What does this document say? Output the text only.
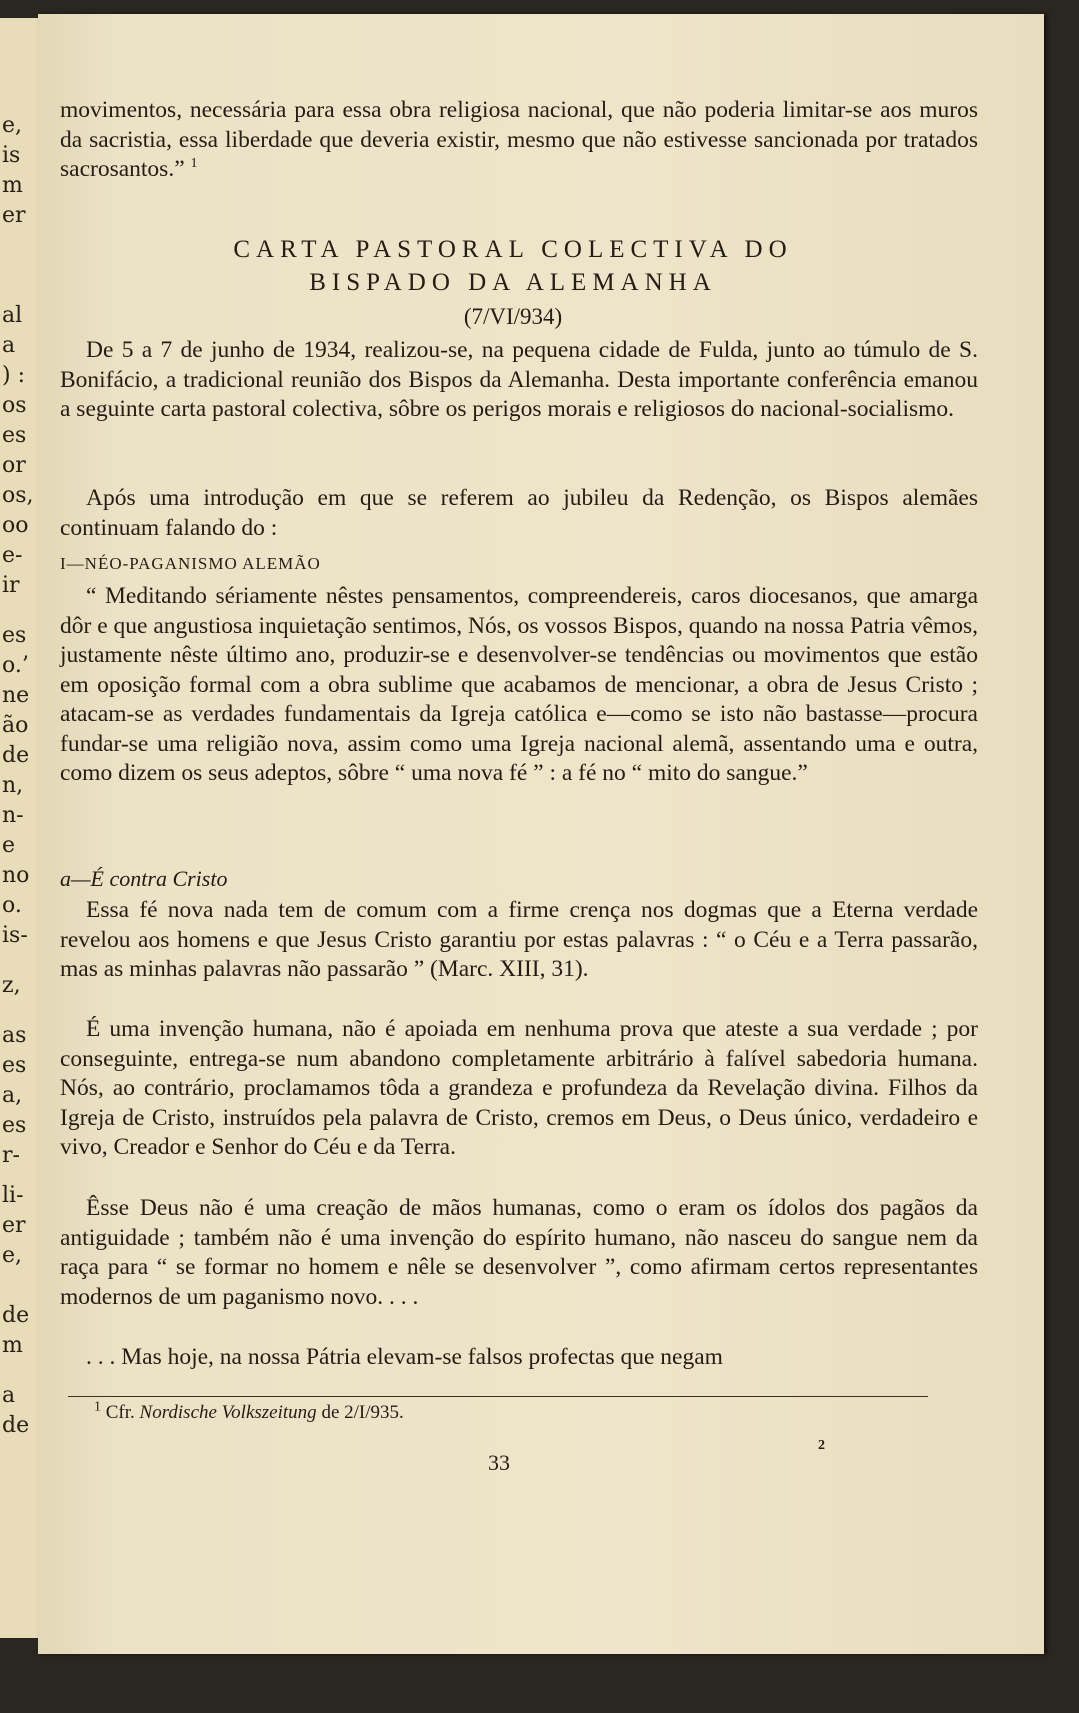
e,
is
m
er
al
a
) :
os
es
or
os,
oo
e-
ir
es
o.’
ne
ão
de
n,
n-
e
no
o.
is-
z,
as
es
a,
es
r-
li-
er
e,
de
m
a
de

movimentos, necessária para essa obra religiosa nacional, que não poderia limitar-se aos muros da sacristia, essa liberdade que deveria existir, mesmo que não estivesse sancionada por tratados sacrosantos.” $^1$

CARTA PASTORAL COLECTIVA DO

BISPADO DA ALEMANHA

(7/VI/934)

De 5 a 7 de junho de 1934, realizou-se, na pequena cidade de Fulda, junto ao túmulo de S. Bonifácio, a tradicional reunião dos Bispos da Alemanha. Desta importante conferência emanou a seguinte carta pastoral colectiva, sôbre os perigos morais e religiosos do nacional-socialismo.

Após uma introdução em que se referem ao jubileu da Redenção, os Bispos alemães continuam falando do :

I—NÉO-PAGANISMO ALEMÃO

“ Meditando sériamente nêstes pensamentos, compreendereis, caros diocesanos, que amarga dôr e que angustiosa inquietação sentimos, Nós, os vossos Bispos, quando na nossa Patria vêmos, justamente nêste último ano, produzir-se e desenvolver-se tendências ou movimentos que estão em oposição formal com a obra sublime que acabamos de mencionar, a obra de Jesus Cristo ; atacam-se as verdades fundamentais da Igreja católica e—como se isto não bastasse—procura fundar-se uma religião nova, assim como uma Igreja nacional alemã, assentando uma e outra, como dizem os seus adeptos, sôbre “ uma nova fé ” : a fé no “ mito do sangue.”

a—É contra Cristo

Essa fé nova nada tem de comum com a firme crença nos dogmas que a Eterna verdade revelou aos homens e que Jesus Cristo garantiu por estas palavras : “ o Céu e a Terra passarão, mas as minhas palavras não passarão ” (Marc. XIII, 31).

É uma invenção humana, não é apoiada em nenhuma prova que ateste a sua verdade ; por conseguinte, entrega-se num abandono completamente arbitrário à falível sabedoria humana. Nós, ao contrário, proclamamos tôda a grandeza e profundeza da Revelação divina. Filhos da Igreja de Cristo, instruídos pela palavra de Cristo, cremos em Deus, o Deus único, verdadeiro e vivo, Creador e Senhor do Céu e da Terra.

Êsse Deus não é uma creação de mãos humanas, como o eram os ídolos dos pagãos da antiguidade ; também não é uma invenção do espírito humano, não nasceu do sangue nem da raça para “ se formar no homem e nêle se desenvolver ”, como afirmam certos representantes modernos de um paganismo novo. . . .

. . . Mas hoje, na nossa Pátria elevam-se falsos profectas que negam

$^1$ Cfr. Nordische Volkszeitung de 2/I/935.
2
33
